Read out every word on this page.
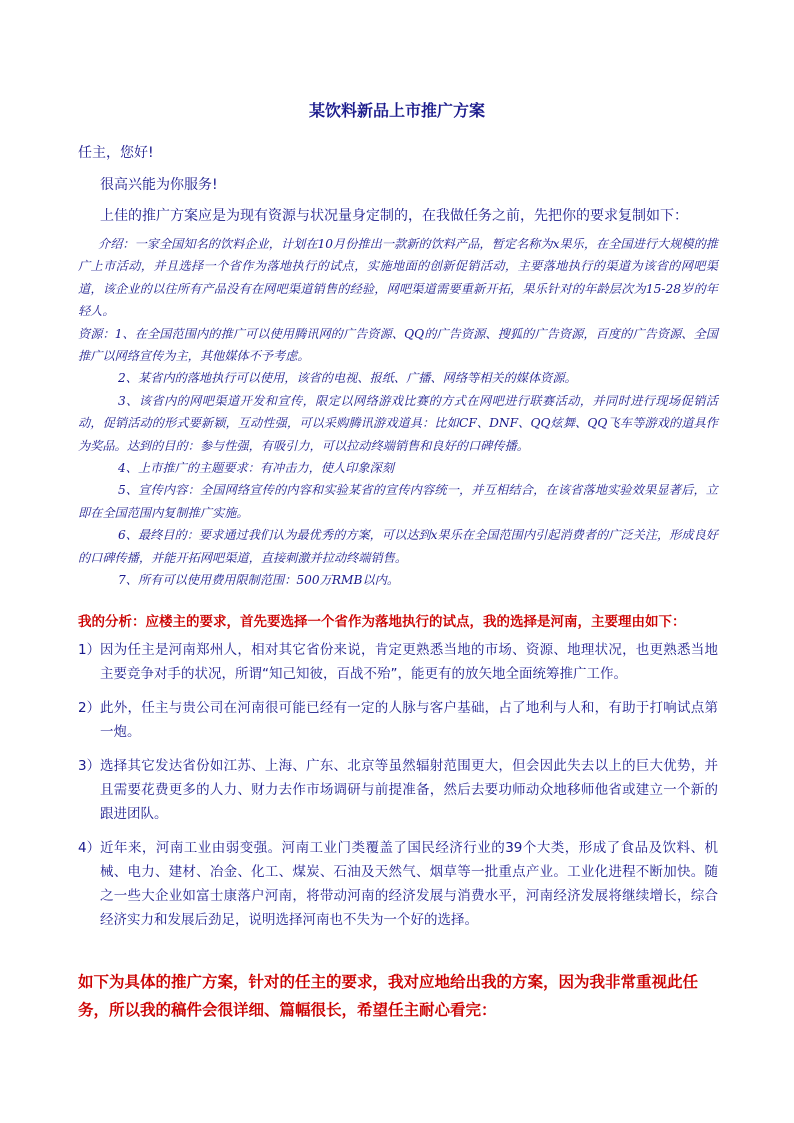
某饮料新品上市推广方案
任主，您好!
很高兴能为你服务!
上佳的推广方案应是为现有资源与状况量身定制的，在我做任务之前，先把你的要求复制如下：

介绍：一家全国知名的饮料企业，计划在10月份推出一款新的饮料产品，暂定名称为x果乐，在全国进行大规模的推广上市活动，并且选择一个省作为落地执行的试点，实施地面的创新促销活动，主要落地执行的渠道为该省的网吧渠道，该企业的以往所有产品没有在网吧渠道销售的经验，网吧渠道需要重新开拓，果乐针对的年龄层次为15-28岁的年轻人。

资源：1、在全国范围内的推广可以使用腾讯网的广告资源、QQ的广告资源、搜狐的广告资源，百度的广告资源、全国推广以网络宣传为主，其他媒体不予考虑。

2、某省内的落地执行可以使用，该省的电视、报纸、广播、网络等相关的媒体资源。

3、该省内的网吧渠道开发和宣传，限定以网络游戏比赛的方式在网吧进行联赛活动，并同时进行现场促销活动，促销活动的形式要新颖，互动性强，可以采购腾讯游戏道具：比如CF、DNF、QQ炫舞、QQ飞车等游戏的道具作为奖品。达到的目的：参与性强，有吸引力，可以拉动终端销售和良好的口碑传播。

4、上市推广的主题要求：有冲击力，使人印象深刻

5、宣传内容：全国网络宣传的内容和实验某省的宣传内容统一，并互相结合，在该省落地实验效果显著后，立即在全国范围内复制推广实施。

6、最终目的：要求通过我们认为最优秀的方案，可以达到x果乐在全国范围内引起消费者的广泛关注，形成良好的口碑传播，并能开拓网吧渠道，直接刺激并拉动终端销售。

7、所有可以使用费用限制范围：500万RMB以内。

我的分析：应楼主的要求，首先要选择一个省作为落地执行的试点，我的选择是河南，主要理由如下：
1） 因为任主是河南郑州人，相对其它省份来说，肯定更熟悉当地的市场、资源、地理状况，也更熟悉当地主要竞争对手的状况，所谓“知己知彼，百战不殆”，能更有的放矢地全面统筹推广工作。
2） 此外，任主与贵公司在河南很可能已经有一定的人脉与客户基础，占了地利与人和，有助于打响试点第一炮。
3） 选择其它发达省份如江苏、上海、广东、北京等虽然辐射范围更大，但会因此失去以上的巨大优势，并且需要花费更多的人力、财力去作市场调研与前提准备，然后去要功师动众地移师他省或建立一个新的跟进团队。
4） 近年来，河南工业由弱变强。河南工业门类覆盖了国民经济行业的39个大类，形成了食品及饮料、机械、电力、建材、冶金、化工、煤炭、石油及天然气、烟草等一批重点产业。工业化进程不断加快。随之一些大企业如富士康落户河南，将带动河南的经济发展与消费水平，河南经济发展将继续增长，综合经济实力和发展后劲足，说明选择河南也不失为一个好的选择。
如下为具体的推广方案，针对的任主的要求，我对应地给出我的方案，因为我非常重视此任务，所以我的稿件会很详细、篇幅很长，希望任主耐心看完：
